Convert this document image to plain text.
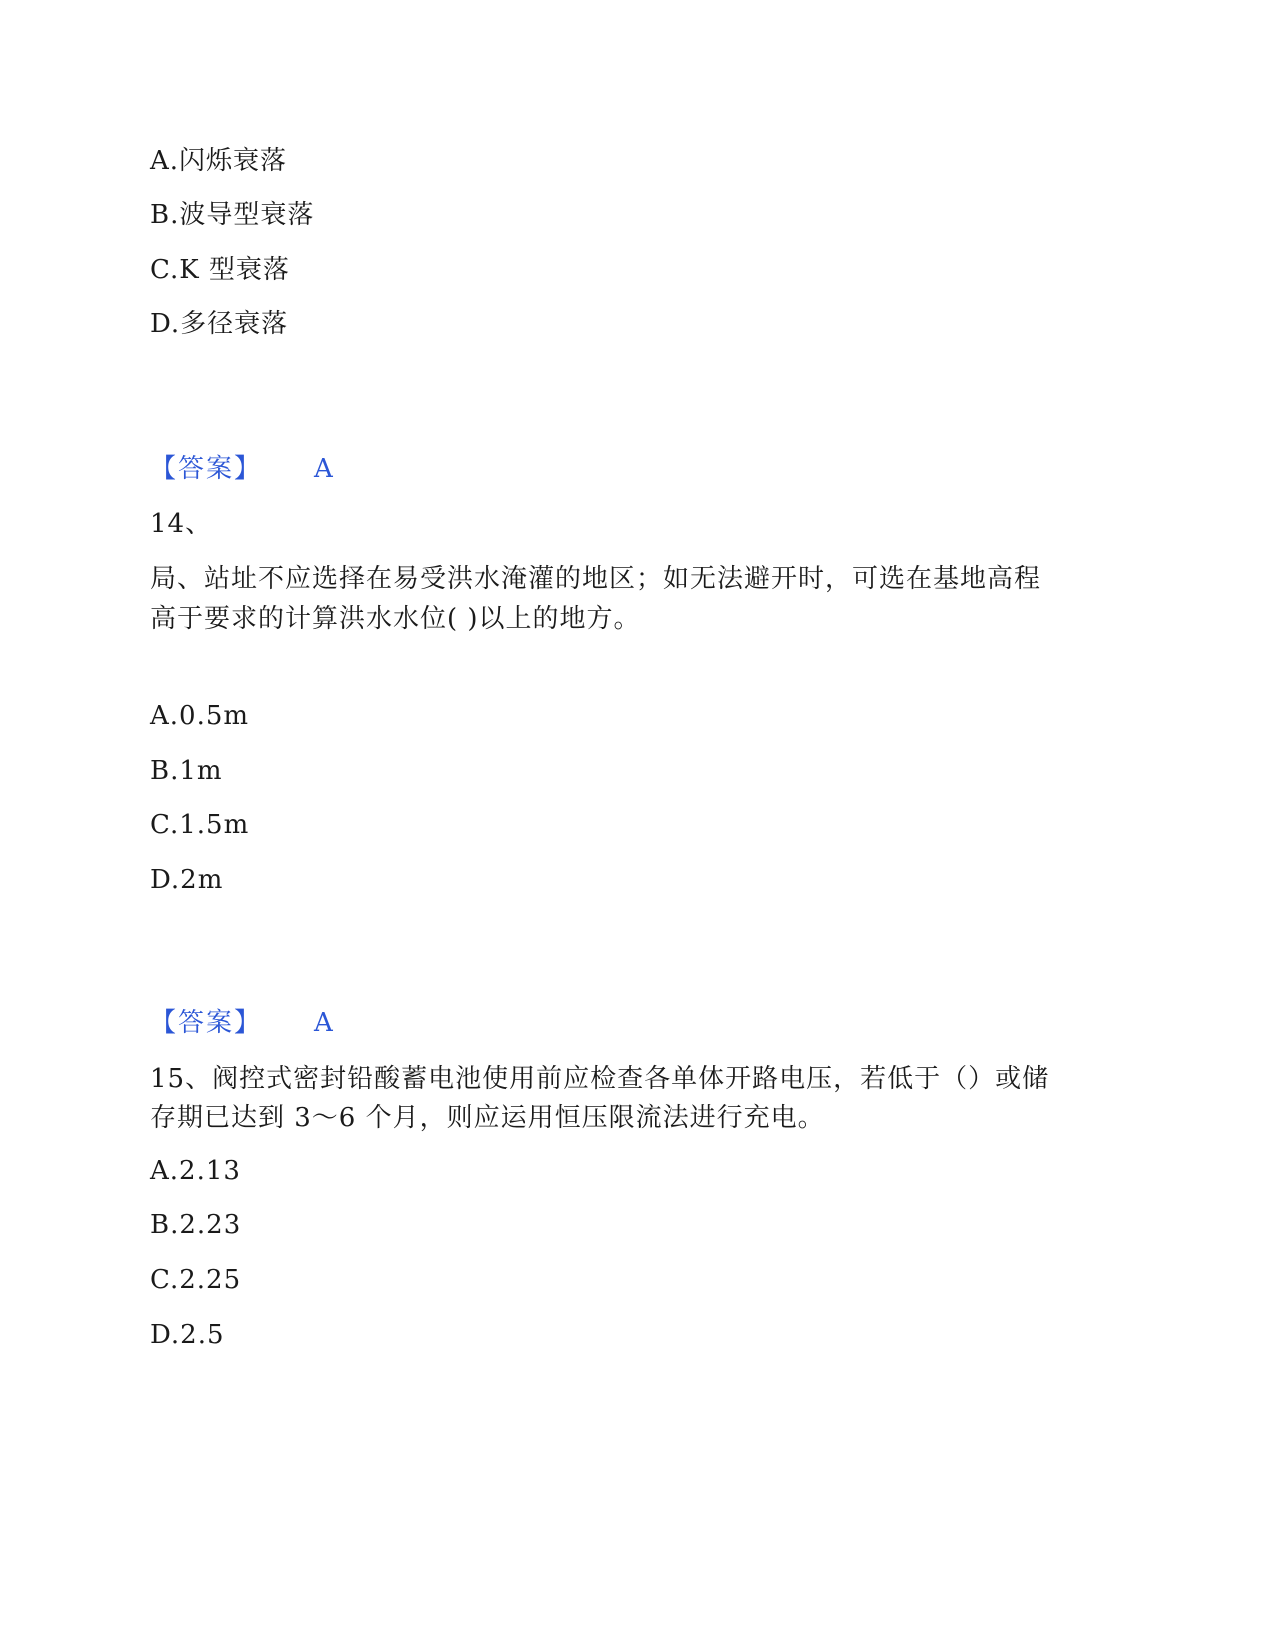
A.闪烁衰落
B.波导型衰落
C.K 型衰落
D.多径衰落
【答案】 A
14、
局、站址不应选择在易受洪水淹灌的地区；如无法避开时，可选在基地高程
高于要求的计算洪水水位( )以上的地方。
A.0.5m
B.1m
C.1.5m
D.2m
【答案】 A
15、阀控式密封铅酸蓄电池使用前应检查各单体开路电压，若低于（）或储
存期已达到 3～6 个月，则应运用恒压限流法进行充电。
A.2.13
B.2.23
C.2.25
D.2.5
